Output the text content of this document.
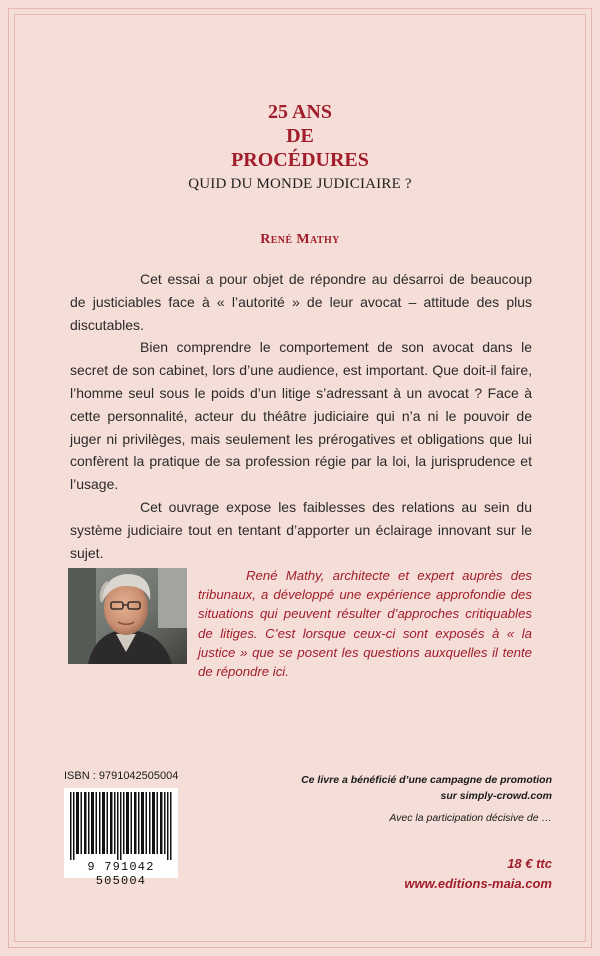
25 ANS
DE
PROCÉDURES
QUID DU MONDE JUDICIAIRE ?
René Mathy

Cet essai a pour objet de répondre au désarroi de beaucoup de justiciables face à « l’autorité » de leur avocat – attitude des plus discutables.

Bien comprendre le comportement de son avocat dans le secret de son cabinet, lors d’une audience, est important. Que doit-il faire, l’homme seul sous le poids d’un litige s’adressant à un avocat ? Face à cette personnalité, acteur du théâtre judiciaire qui n’a ni le pouvoir de juger ni privilèges, mais seulement les prérogatives et obligations que lui confèrent la pratique de sa profession régie par la loi, la jurisprudence et l’usage.

Cet ouvrage expose les faiblesses des relations au sein du système judiciaire tout en tentant d’apporter un éclairage innovant sur le sujet.

René Mathy, architecte et expert auprès des tribunaux, a développé une expérience approfondie des situations qui peuvent résulter d’approches critiquables de litiges. C’est lorsque ceux-ci sont exposés à « la justice » que se posent les questions auxquelles il tente de répondre ici.

ISBN : 9791042505004
9 791042 505004
Ce livre a bénéficié d’une campagne de promotion
sur simply-crowd.com
Avec la participation décisive de …
18 € ttc
www.editions-maia.com
